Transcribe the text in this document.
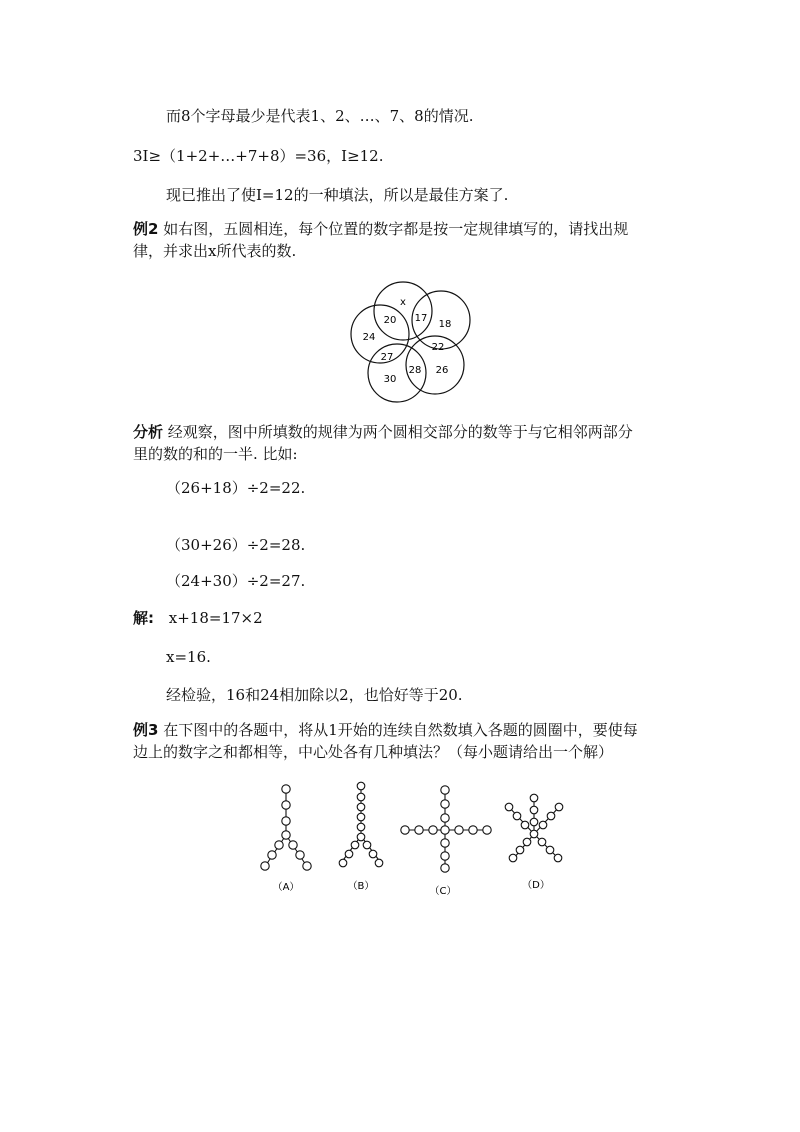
而8个字母最少是代表1、2、…、7、8的情况.
3I≥（1+2+…+7+8）=36，I≥12.
现已推出了使I=12的一种填法，所以是最佳方案了.
例2 如右图，五圆相连，每个位置的数字都是按一定规律填写的，请找出规
律，并求出x所代表的数.
x
20 17
18
24
22
27
28 26
30
分析 经观察，图中所填数的规律为两个圆相交部分的数等于与它相邻两部分
里的数的和的一半. 比如:
（26+18）÷2=22.
（30+26）÷2=28.
（24+30）÷2=27.
解: x+18=17×2
x=16.
经检验，16和24相加除以2，也恰好等于20.
例3 在下图中的各题中，将从1开始的连续自然数填入各题的圆圈中，要使每
边上的数字之和都相等，中心处各有几种填法？（每小题请给出一个解）
（A）	（B）	（C）
（D）
